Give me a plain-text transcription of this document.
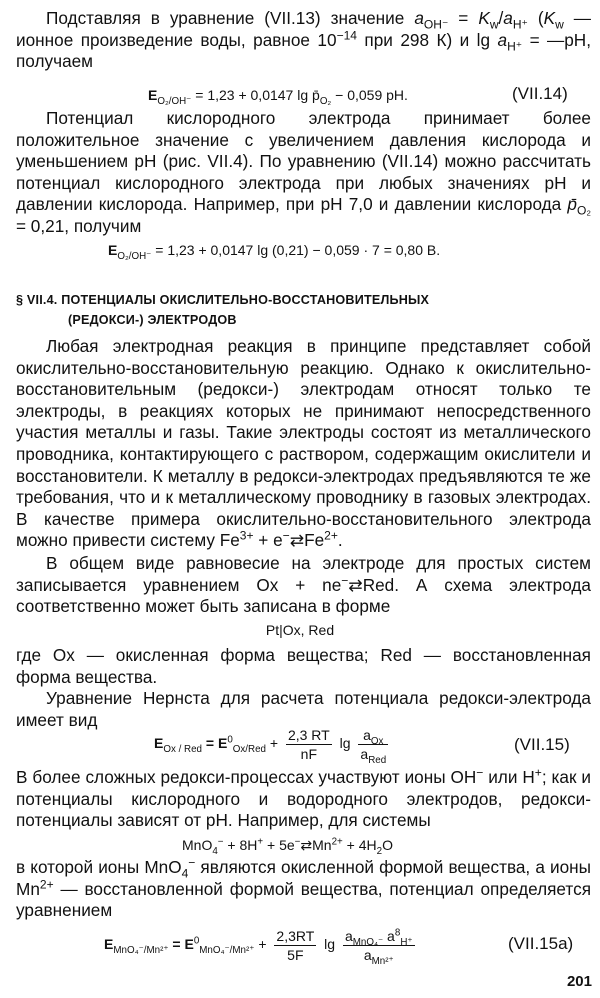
Подставляя в уравнение (VII.13) значение $a_{OH^-} = K_w/a_{H^+}$ ($K_w$ — ионное произведение воды, равное $10^{-14}$ при 298 К) и $\lg a_{H^+}$ = —pH, получаем

$E_{O_2/OH^-} = 1,23 + 0,0147$ $\lg p̄_{O_2} - 0,059$ pH.	(VII.14)

Потенциал кислородного электрода принимает более положительное значение с увеличением давления кислорода и уменьшением pH (рис. VII.4). По уравнению (VII.14) можно рассчитать потенциал кислородного электрода при любых значениях pH и давлении кислорода. Например, при pH 7,0 и давлении кислорода $p̄_{O_2} = 0,21$, получим

$E_{O_2/OH^-} = 1,23 + 0,0147$ lg (0,21) − 0,059 · 7 = 0,80 В.
§ VII.4. ПОТЕНЦИАЛЫ ОКИСЛИТЕЛЬНО-ВОССТАНОВИТЕЛЬНЫХ
(РЕДОКСИ-) ЭЛЕКТРОДОВ

Любая электродная реакция в принципе представляет собой окислительно-восстановительную реакцию. Однако к окислительно-восстановительным (редокси-) электродам относят только те электроды, в реакциях которых не принимают непосредственного участия металлы и газы. Такие электроды состоят из металлического проводника, контактирующего с раствором, содержащим окислители и восстановители. К металлу в редокси-электродах предъявляются те же требования, что и к металлическому проводнику в газовых электродах. В качестве примера окислительно-восстановительного электрода можно привести систему $Fe^{3+}$ + $e^-⇄Fe^{2+}$.

В общем виде равновесие на электроде для простых систем записывается уравнением Ox + ne−⇄Red. А схема электрода соответственно может быть записана в форме

Pt|Ox, Red

где Ox — окисленная форма вещества; Red — восстановленная форма вещества.

Уравнение Нернста для расчета потенциала редокси-электрода имеет вид

$E_{Ox / Red} = E^0_{Ox/Red} + \frac{2,3 RT}{nF}$ $\lg \frac{a_{Ox}}{a_{Red}}$	(VII.15)

В более сложных редокси-процессах участвуют ионы OH− или H+; как и потенциалы кислородного и водородного электродов, редокси-потенциалы зависят от pH. Например, для системы

$MnO_4^- + 8H^+ + 5e^-⇄Mn^{2+} + 4H_2O$

в которой ионы MnO$_4$− являются окисленной формой вещества, а ионы $Mn^{2+}$ — восстановленной формой вещества, потенциал определяется уравнением

$E_{MnO_4^-/Mn^{2+}} = E^0_{MnO_4^-/Mn^{2+}} + \frac{2,3RT}{5F}$ $\lg \frac{a_{MnO_4^-} a^8_{H^+}}{a_{Mn^{2+}}}$	(VII.15a)
201
